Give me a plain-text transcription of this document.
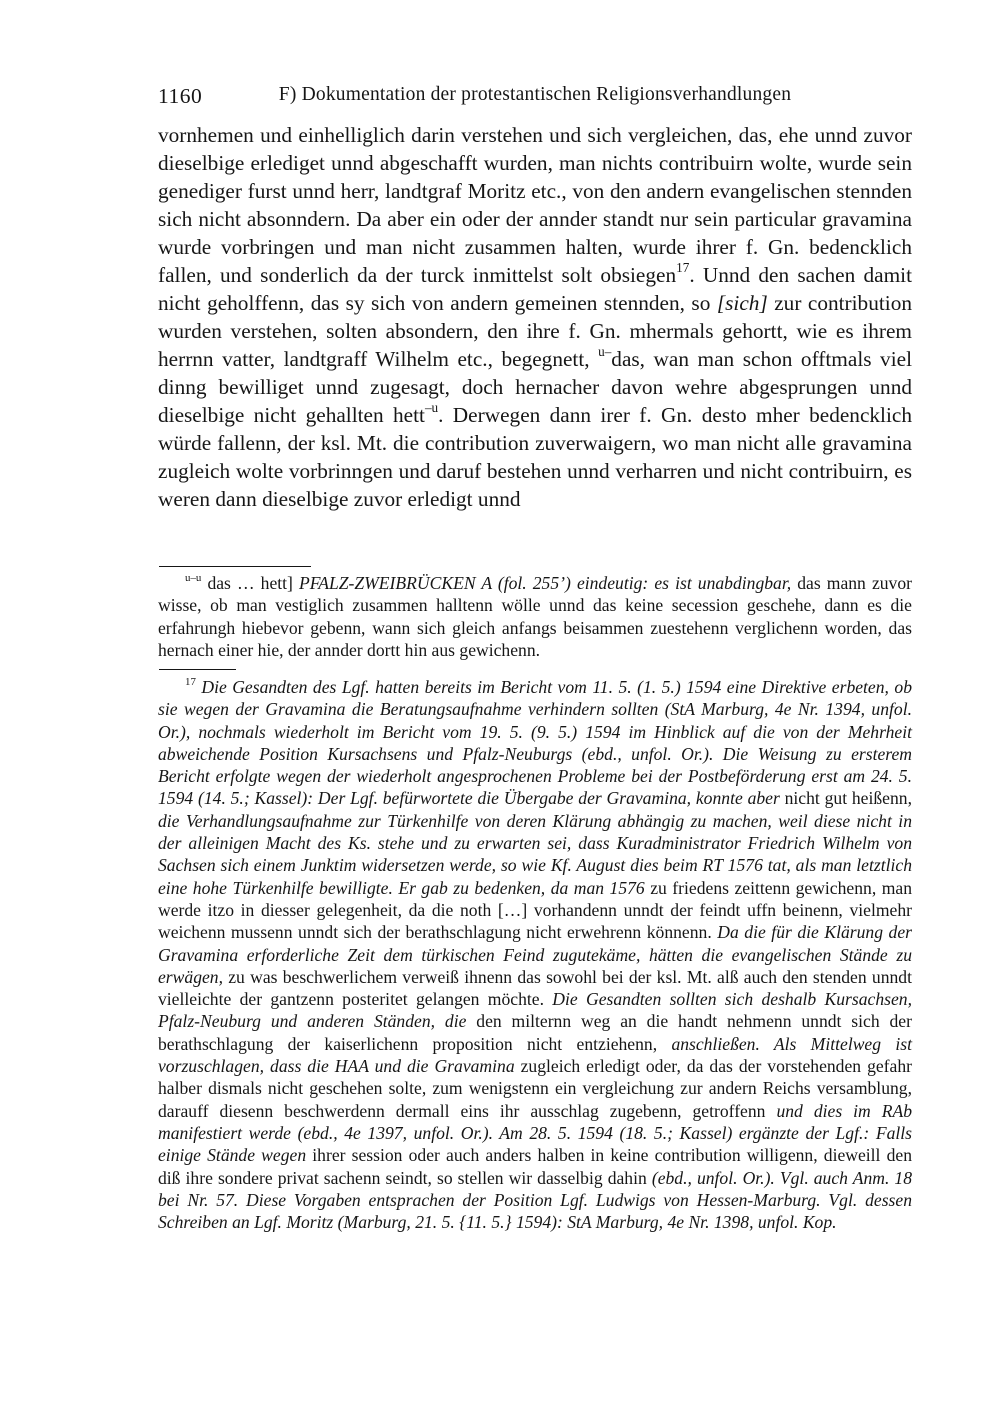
1160	F) Dokumentation der protestantischen Religionsverhandlungen
vornhemen und einhelliglich darin verstehen und sich vergleichen, das, ehe unnd zuvor dieselbige erlediget unnd abgeschafft wurden, man nichts contribuirn wolte, wurde sein genediger furst unnd herr, landtgraf Moritz etc., von den andern evangelischen stennden sich nicht absonndern. Da aber ein oder der annder standt nur sein particular gravamina wurde vorbringen und man nicht zusammen halten, wurde ihrer f. Gn. bedencklich fallen, und sonderlich da der turck inmittelst solt obsiegen$^{17}$. Unnd den sachen damit nicht geholffenn, das sy sich von andern gemeinen stennden, so [sich] zur contribution wurden verstehen, solten absondern, den ihre f. Gn. mhermals gehortt, wie es ihrem herrnn vatter, landtgraff Wilhelm etc., begegnett, $^{u-}$das, wan man schon offtmals viel dinng bewilliget unnd zugesagt, doch hernacher davon wehre abgesprungen unnd dieselbige nicht gehallten hett$^{-u}$. Derwegen dann irer f. Gn. desto mher bedencklich würde fallenn, der ksl. Mt. die contribution zuverwaigern, wo man nicht alle gravamina zugleich wolte vorbrinngen und daruf bestehen unnd verharren und nicht contribuirn, es weren dann dieselbige zuvor erledigt unnd
$^{u-u}$ das … hett] PFALZ-ZWEIBRÜCKEN A (fol. 255’) eindeutig: es ist unabdingbar, das mann zuvor wisse, ob man vestiglich zusammen halltenn wölle unnd das keine secession geschehe, dann es die erfahrungh hiebevor gebenn, wann sich gleich anfangs beisammen zuestehenn verglichenn worden, das hernach einer hie, der annder dortt hin aus gewichenn.
$^{17}$ Die Gesandten des Lgf. hatten bereits im Bericht vom 11. 5. (1. 5.) 1594 eine Direktive erbeten, ob sie wegen der Gravamina die Beratungsaufnahme verhindern sollten (StA Marburg, 4e Nr. 1394, unfol. Or.), nochmals wiederholt im Bericht vom 19. 5. (9. 5.) 1594 im Hinblick auf die von der Mehrheit abweichende Position Kursachsens und Pfalz-Neuburgs (ebd., unfol. Or.). Die Weisung zu ersterem Bericht erfolgte wegen der wiederholt angesprochenen Probleme bei der Postbeförderung erst am 24. 5. 1594 (14. 5.; Kassel): Der Lgf. befürwortete die Übergabe der Gravamina, konnte aber nicht gut heißenn, die Verhandlungsaufnahme zur Türkenhilfe von deren Klärung abhängig zu machen, weil diese nicht in der alleinigen Macht des Ks. stehe und zu erwarten sei, dass Kuradministrator Friedrich Wilhelm von Sachsen sich einem Junktim widersetzen werde, so wie Kf. August dies beim RT 1576 tat, als man letztlich eine hohe Türkenhilfe bewilligte. Er gab zu bedenken, da man 1576 zu friedens zeittenn gewichenn, man werde itzo in diesser gelegenheit, da die noth […] vorhandenn unndt der feindt uffn beinenn, vielmehr weichenn mussenn unndt sich der berathschlagung nicht erwehrenn könnenn. Da die für die Klärung der Gravamina erforderliche Zeit dem türkischen Feind zugutekäme, hätten die evangelischen Stände zu erwägen, zu was beschwerlichem verweiß ihnenn das sowohl bei der ksl. Mt. alß auch den stenden unndt vielleichte der gantzenn posteritet gelangen möchte. Die Gesandten sollten sich deshalb Kursachsen, Pfalz-Neuburg und anderen Ständen, die den milternn weg an die handt nehmenn unndt sich der berathschlagung der kaiserlichenn proposition nicht entziehenn, anschließen. Als Mittelweg ist vorzuschlagen, dass die HAA und die Gravamina zugleich erledigt oder, da das der vorstehenden gefahr halber dismals nicht geschehen solte, zum wenigstenn ein vergleichung zur andern Reichs versamblung, darauff diesenn beschwerdenn dermall eins ihr ausschlag zugebenn, getroffenn und dies im RAb manifestiert werde (ebd., 4e 1397, unfol. Or.). Am 28. 5. 1594 (18. 5.; Kassel) ergänzte der Lgf.: Falls einige Stände wegen ihrer session oder auch anders halben in keine contribution willigenn, dieweill den diß ihre sondere privat sachenn seindt, so stellen wir dasselbig dahin (ebd., unfol. Or.). Vgl. auch Anm. 18 bei Nr. 57. Diese Vorgaben entsprachen der Position Lgf. Ludwigs von Hessen-Marburg. Vgl. dessen Schreiben an Lgf. Moritz (Marburg, 21. 5. {11. 5.} 1594): StA Marburg, 4e Nr. 1398, unfol. Kop.
